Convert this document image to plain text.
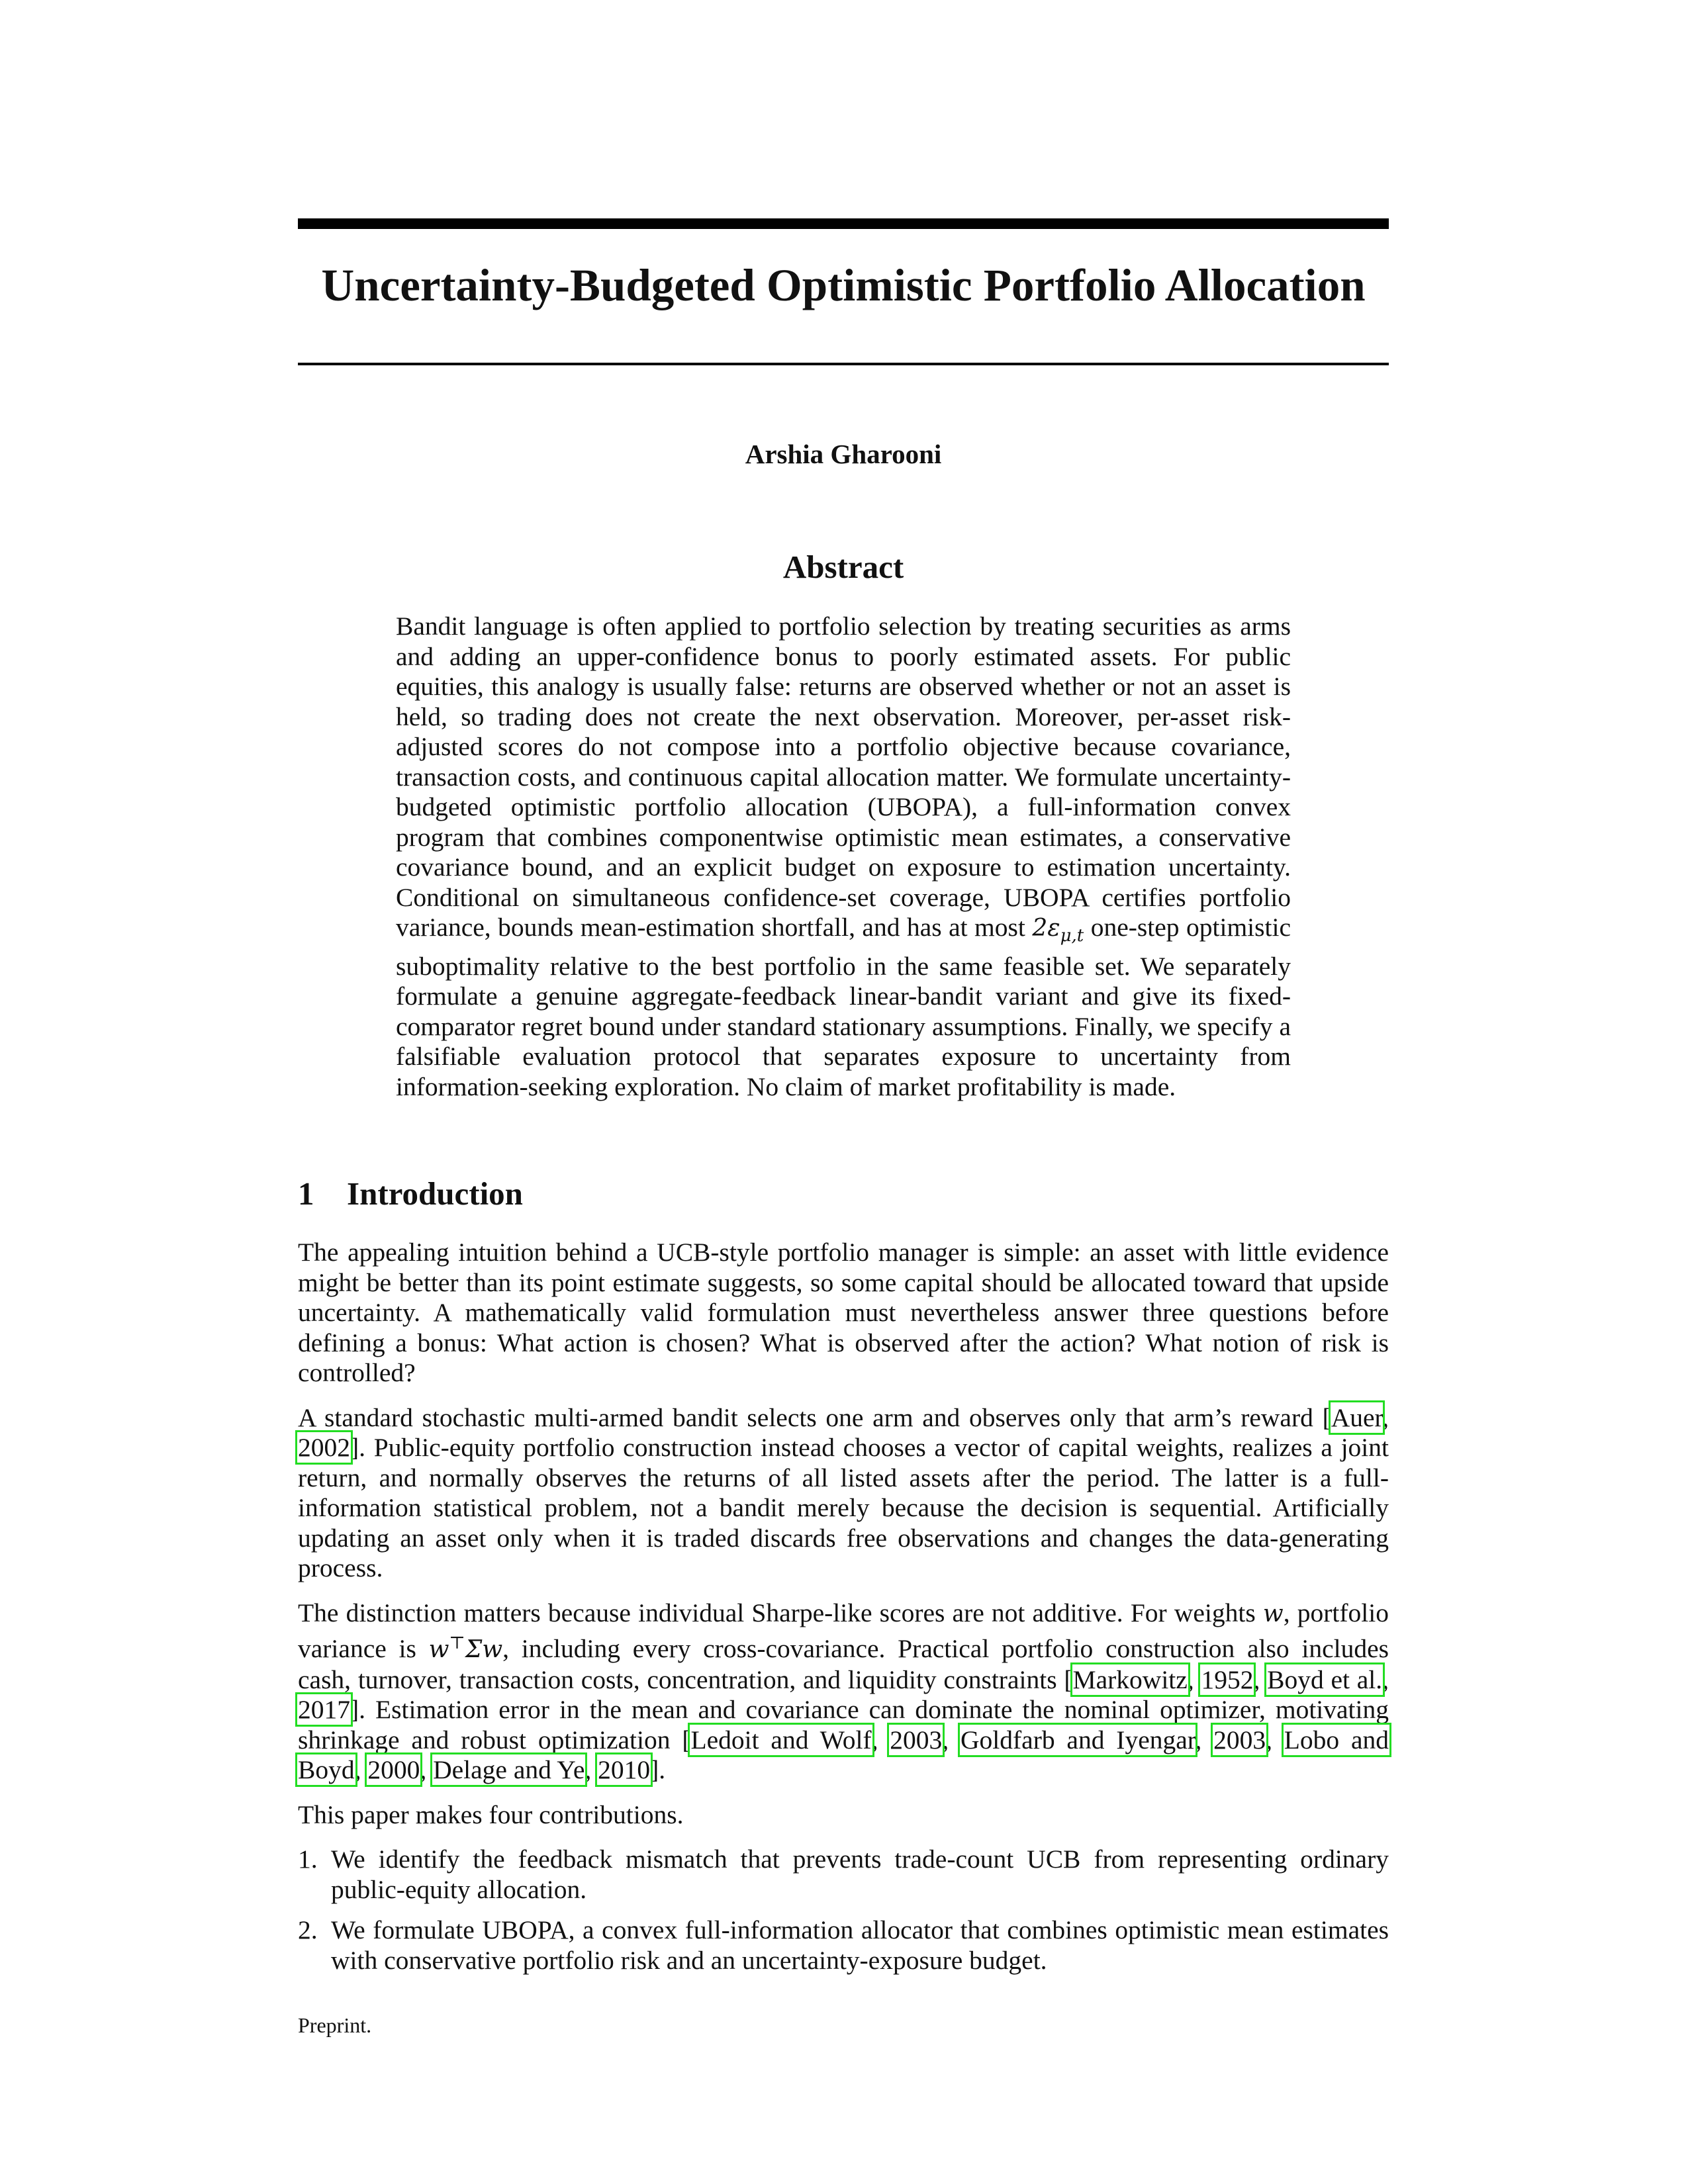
Uncertainty-Budgeted Optimistic Portfolio Allocation

Arshia Gharooni

Abstract

Bandit language is often applied to portfolio selection by treating securities as arms and adding an upper-confidence bonus to poorly estimated assets. For public equities, this analogy is usually false: returns are observed whether or not an asset is held, so trading does not create the next observation. Moreover, per-asset risk-adjusted scores do not compose into a portfolio objective because covariance, transaction costs, and continuous capital allocation matter. We formulate uncertainty-budgeted optimistic portfolio allocation (UBOPA), a full-information convex program that combines componentwise optimistic mean estimates, a conservative covariance bound, and an explicit budget on exposure to estimation uncertainty. Conditional on simultaneous confidence-set coverage, UBOPA certifies portfolio variance, bounds mean-estimation shortfall, and has at most $2\varepsilon_{\mu,t}$ one-step optimistic suboptimality relative to the best portfolio in the same feasible set. We separately formulate a genuine aggregate-feedback linear-bandit variant and give its fixed-comparator regret bound under standard stationary assumptions. Finally, we specify a falsifiable evaluation protocol that separates exposure to uncertainty from information-seeking exploration. No claim of market profitability is made.

1 Introduction

The appealing intuition behind a UCB-style portfolio manager is simple: an asset with little evidence might be better than its point estimate suggests, so some capital should be allocated toward that upside uncertainty. A mathematically valid formulation must nevertheless answer three questions before defining a bonus: What action is chosen? What is observed after the action? What notion of risk is controlled?

A standard stochastic multi-armed bandit selects one arm and observes only that arm’s reward [Auer, 2002]. Public-equity portfolio construction instead chooses a vector of capital weights, realizes a joint return, and normally observes the returns of all listed assets after the period. The latter is a full-information statistical problem, not a bandit merely because the decision is sequential. Artificially updating an asset only when it is traded discards free observations and changes the data-generating process.

The distinction matters because individual Sharpe-like scores are not additive. For weights w, portfolio variance is w⊤Σw, including every cross-covariance. Practical portfolio construction also includes cash, turnover, transaction costs, concentration, and liquidity constraints [Markowitz, 1952, Boyd et al., 2017]. Estimation error in the mean and covariance can dominate the nominal optimizer, motivating shrinkage and robust optimization [Ledoit and Wolf, 2003, Goldfarb and Iyengar, 2003, Lobo and Boyd, 2000, Delage and Ye, 2010].

This paper makes four contributions.

1. We identify the feedback mismatch that prevents trade-count UCB from representing ordinary public-equity allocation.
2. We formulate UBOPA, a convex full-information allocator that combines optimistic mean estimates with conservative portfolio risk and an uncertainty-exposure budget.

Preprint.
